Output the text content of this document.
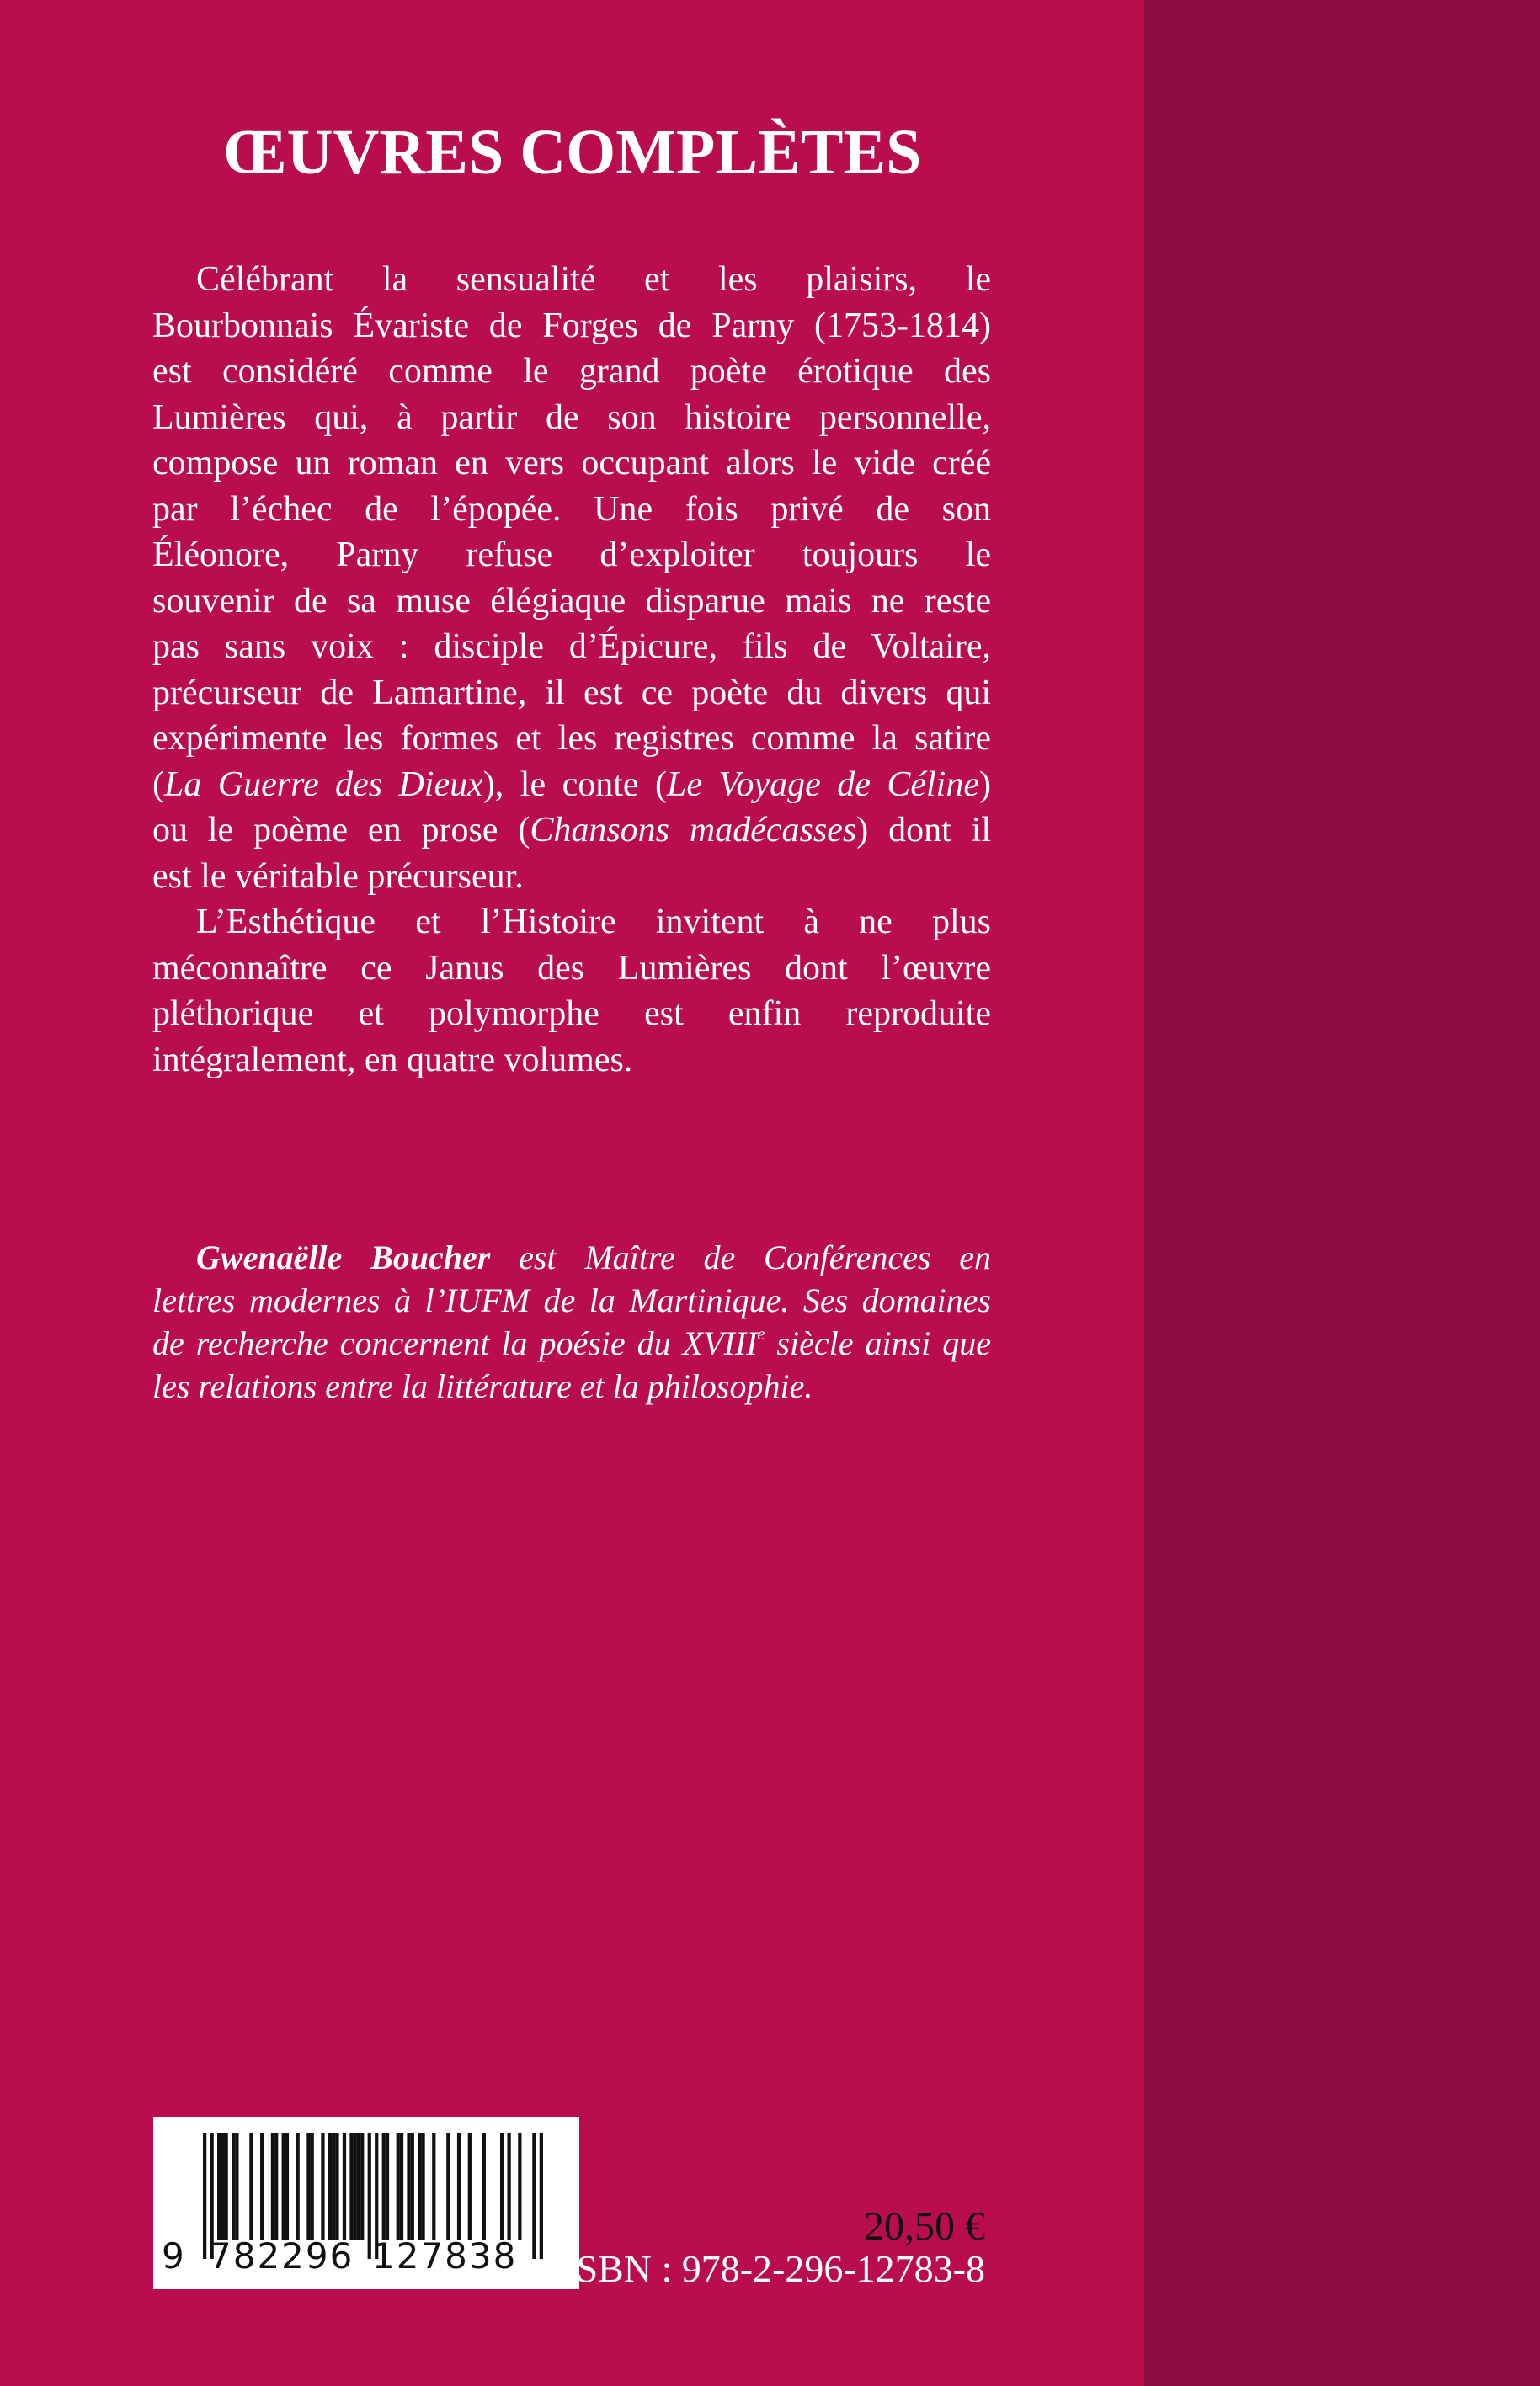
ŒUVRES COMPLÈTES
Célébrant la sensualité et les plaisirs, le
Bourbonnais Évariste de Forges de Parny (1753-1814)
est considéré comme le grand poète érotique des
Lumières qui, à partir de son histoire personnelle,
compose un roman en vers occupant alors le vide créé
par l’échec de l’épopée. Une fois privé de son
Éléonore, Parny refuse d’exploiter toujours le
souvenir de sa muse élégiaque disparue mais ne reste
pas sans voix : disciple d’Épicure, fils de Voltaire,
précurseur de Lamartine, il est ce poète du divers qui
expérimente les formes et les registres comme la satire
(La Guerre des Dieux), le conte (Le Voyage de Céline)
ou le poème en prose (Chansons madécasses) dont il
est le véritable précurseur.
L’Esthétique et l’Histoire invitent à ne plus
méconnaître ce Janus des Lumières dont l’œuvre
pléthorique et polymorphe est enfin reproduite
intégralement, en quatre volumes.
Gwenaëlle Boucher est Maître de Conférences en
lettres modernes à l’IUFM de la Martinique. Ses domaines
de recherche concernent la poésie du XVIIIe siècle ainsi que
les relations entre la littérature et la philosophie.
9 782296 127838
20,50 €
ISBN : 978-2-296-12783-8
